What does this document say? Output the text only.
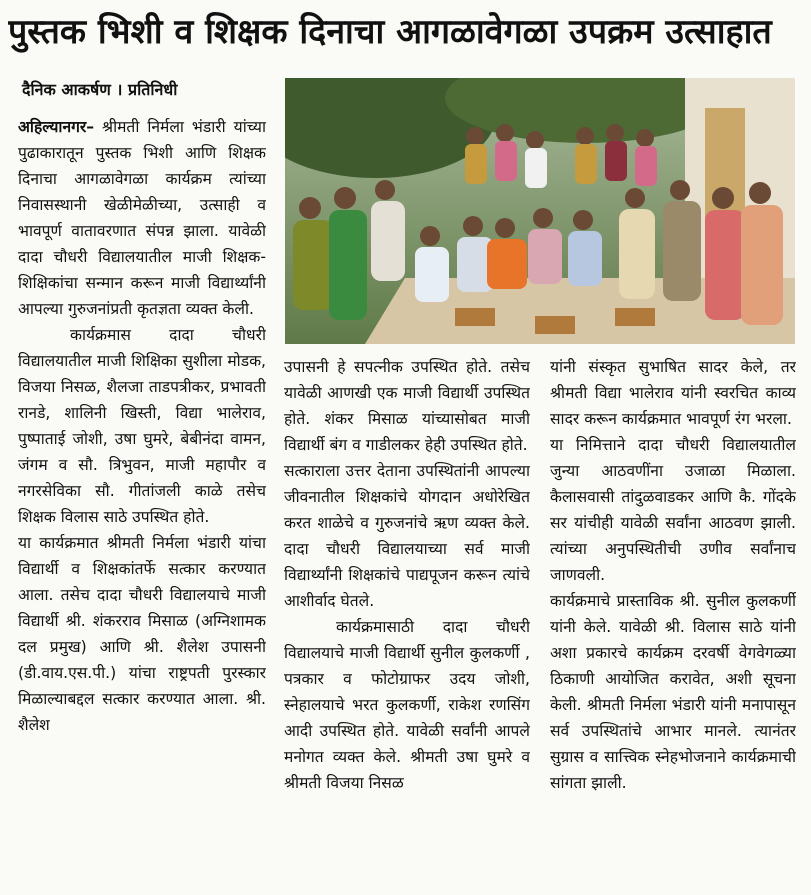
पुस्तक भिशी व शिक्षक दिनाचा आगळावेगळा उपक्रम उत्साहात
दैनिक आकर्षण । प्रतिनिधी

अहिल्यानगर– श्रीमती निर्मला भंडारी यांच्या पुढाकारातून पुस्तक भिशी आणि शिक्षक दिनाचा आगळावेगळा कार्यक्रम त्यांच्या निवासस्थानी खेळीमेळीच्या, उत्साही व भावपूर्ण वातावरणात संपन्न झाला. यावेळी दादा चौधरी विद्यालयातील माजी शिक्षक-शिक्षिकांचा सन्मान करून माजी विद्यार्थ्यांनी आपल्या गुरुजनांप्रती कृतज्ञता व्यक्त केली.

कार्यक्रमास दादा चौधरी विद्यालयातील माजी शिक्षिका सुशीला मोडक, विजया निसळ, शैलजा ताडपत्रीकर, प्रभावती रानडे, शालिनी खिस्ती, विद्या भालेराव, पुष्पाताई जोशी, उषा घुमरे, बेबीनंदा वामन, जंगम व सौ. त्रिभुवन, माजी महापौर व नगरसेविका सौ. गीतांजली काळे तसेच शिक्षक विलास साठे उपस्थित होते.

या कार्यक्रमात श्रीमती निर्मला भंडारी यांचा विद्यार्थी व शिक्षकांतर्फे सत्कार करण्यात आला. तसेच दादा चौधरी विद्यालयाचे माजी विद्यार्थी श्री. शंकरराव मिसाळ (अग्निशामक दल प्रमुख) आणि श्री. शैलेश उपासनी (डी.वाय.एस.पी.) यांचा राष्ट्रपती पुरस्कार मिळाल्याबद्दल सत्कार करण्यात आला. श्री. शैलेश

उपासनी हे सपत्नीक उपस्थित होते. तसेच यावेळी आणखी एक माजी विद्यार्थी उपस्थित होते. शंकर मिसाळ यांच्यासोबत माजी विद्यार्थी बंग व गाडीलकर हेही उपस्थित होते.

सत्काराला उत्तर देताना उपस्थितांनी आपल्या जीवनातील शिक्षकांचे योगदान अधोरेखित करत शाळेचे व गुरुजनांचे ऋण व्यक्त केले. दादा चौधरी विद्यालयाच्या सर्व माजी विद्यार्थ्यांनी शिक्षकांचे पाद्यपूजन करून त्यांचे आशीर्वाद घेतले.

कार्यक्रमासाठी दादा चौधरी विद्यालयाचे माजी विद्यार्थी सुनील कुलकर्णी , पत्रकार व फोटोग्राफर उदय जोशी, स्नेहालयाचे भरत कुलकर्णी, राकेश रणसिंग आदी उपस्थित होते. यावेळी सर्वांनी आपले मनोगत व्यक्त केले. श्रीमती उषा घुमरे व श्रीमती विजया निसळ

यांनी संस्कृत सुभाषित सादर केले, तर श्रीमती विद्या भालेराव यांनी स्वरचित काव्य सादर करून कार्यक्रमात भावपूर्ण रंग भरला.

या निमित्ताने दादा चौधरी विद्यालयातील जुन्या आठवणींना उजाळा मिळाला. कैलासवासी तांदुळवाडकर आणि कै. गोंदके सर यांचीही यावेळी सर्वांना आठवण झाली. त्यांच्या अनुपस्थितीची उणीव सर्वांनाच जाणवली.

कार्यक्रमाचे प्रास्ताविक श्री. सुनील कुलकर्णी यांनी केले. यावेळी श्री. विलास साठे यांनी अशा प्रकारचे कार्यक्रम दरवर्षी वेगवेगळ्या ठिकाणी आयोजित करावेत, अशी सूचना केली. श्रीमती निर्मला भंडारी यांनी मनापासून सर्व उपस्थितांचे आभार मानले. त्यानंतर सुग्रास व सात्त्विक स्नेहभोजनाने कार्यक्रमाची सांगता झाली.
